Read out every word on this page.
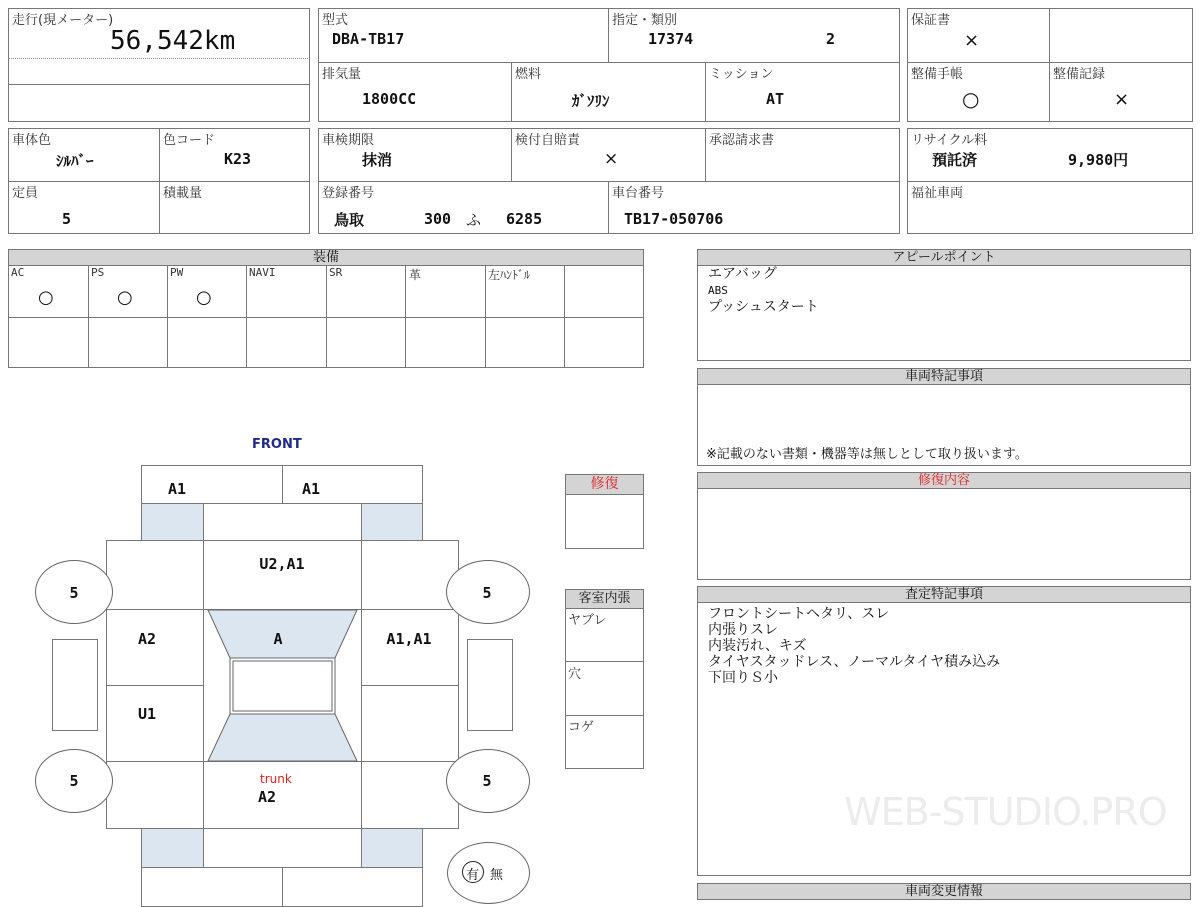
走行(現メーター)
56,542km
型式
DBA-TB17
指定・類別
17374	2
排気量
1800CC
燃料
ｶﾞｿﾘﾝ
ミッション
AT
保証書
×
整備手帳
○
整備記録
×
車体色
ｼﾙﾊﾞｰ
色コード
K23
定員
5
積載量
車検期限
抹消
検付自賠責
×
承認請求書
登録番号
鳥取	300 ふ 6285
車台番号
TB17-050706
リサイクル料
預託済	9,980円
福祉車両
装備
AC	PS	PW	NAVI	SR	革	左ﾊﾝﾄﾞﾙ
○	○	○
アピールポイント
エアバッグ
ABS
プッシュスタート
車両特記事項
※記載のない書類・機器等は無しとして取り扱います。
修復内容
査定特記事項
フロントシートヘタリ、スレ
内張りスレ
内装汚れ、キズ
タイヤスタッドレス、ノーマルタイヤ積み込み
下回りＳ小
WEB-STUDIO.PRO
車両変更情報
修復
客室内張
ヤブレ
穴
コゲ
FRONT
A1	A1
U2,A1
A2	A	A1,A1
U1
trunk
A2
5	5
5	5
有 無
